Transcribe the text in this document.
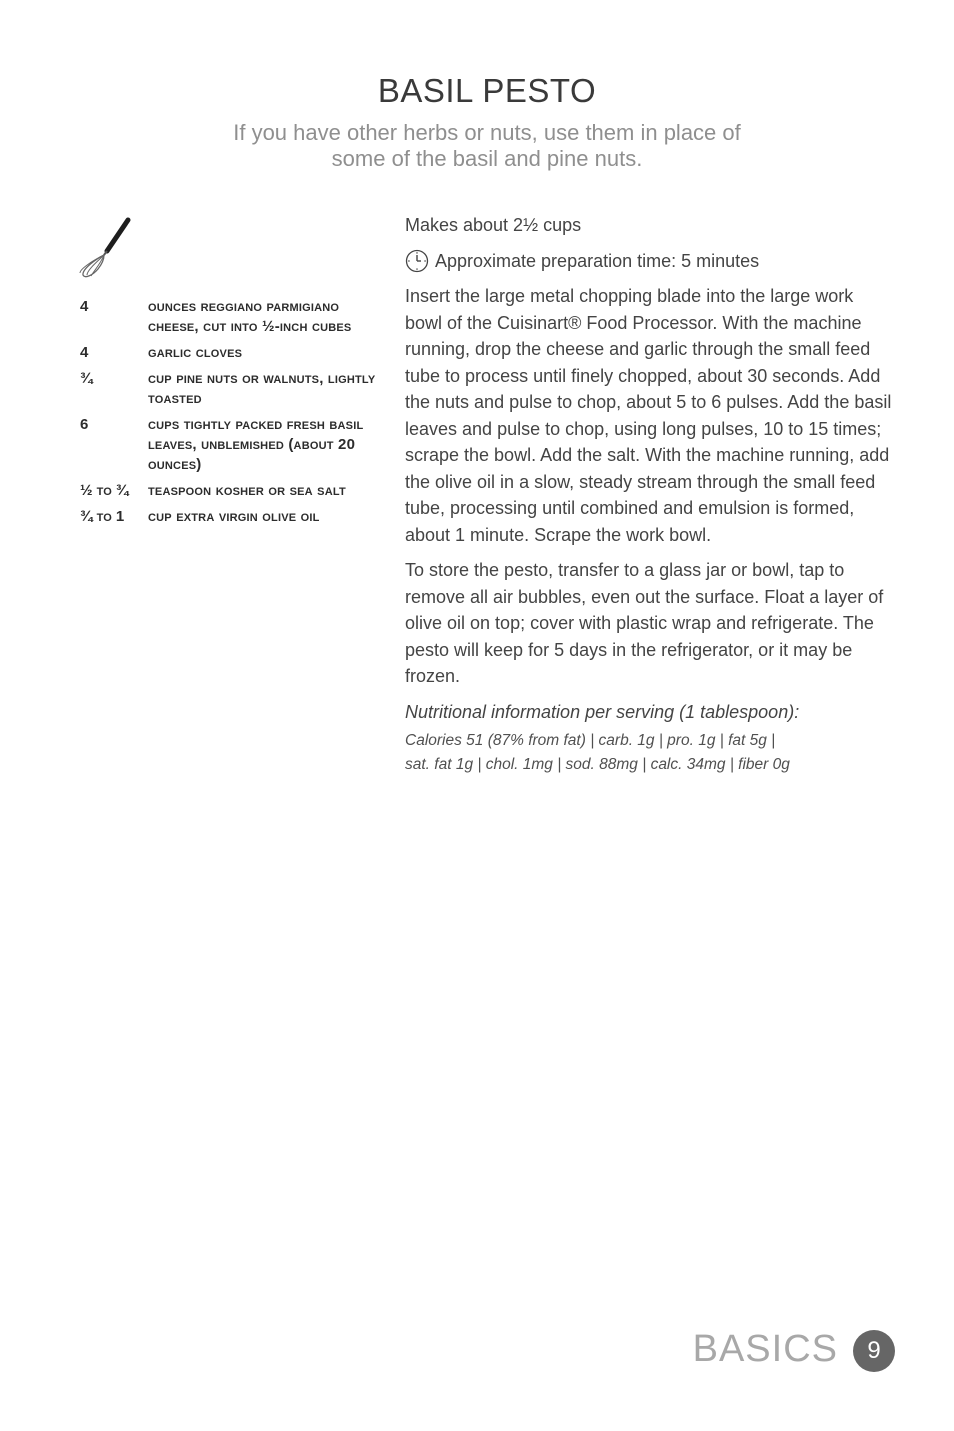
BASIL PESTO
If you have other herbs or nuts, use them in place of
some of the basil and pine nuts.
4	ounces reggiano parmigiano cheese, cut into ½-inch cubes
4	garlic cloves
¾	cup pine nuts or walnuts, lightly toasted
6	cups tightly packed fresh basil leaves, unblemished (about 20 ounces)
½ to ¾	teaspoon kosher or sea salt
¾ to 1	cup extra virgin olive oil

Makes about 2½ cups

Approximate preparation time: 5 minutes

Insert the large metal chopping blade into the large work bowl of the Cuisinart® Food Processor. With the machine running, drop the cheese and garlic through the small feed tube to process until finely chopped, about 30 seconds. Add the nuts and pulse to chop, about 5 to 6 pulses. Add the basil leaves and pulse to chop, using long pulses, 10 to 15 times; scrape the bowl. Add the salt. With the machine running, add the olive oil in a slow, steady stream through the small feed tube, processing until combined and emulsion is formed, about 1 minute. Scrape the work bowl.

To store the pesto, transfer to a glass jar or bowl, tap to remove all air bubbles, even out the surface. Float a layer of olive oil on top; cover with plastic wrap and refrigerate. The pesto will keep for 5 days in the refrigerator, or it may be frozen.

Nutritional information per serving (1 tablespoon):

Calories 51 (87% from fat) | carb. 1g | pro. 1g | fat 5g |
sat. fat 1g | chol. 1mg | sod. 88mg | calc. 34mg | fiber 0g
BASICS	9
